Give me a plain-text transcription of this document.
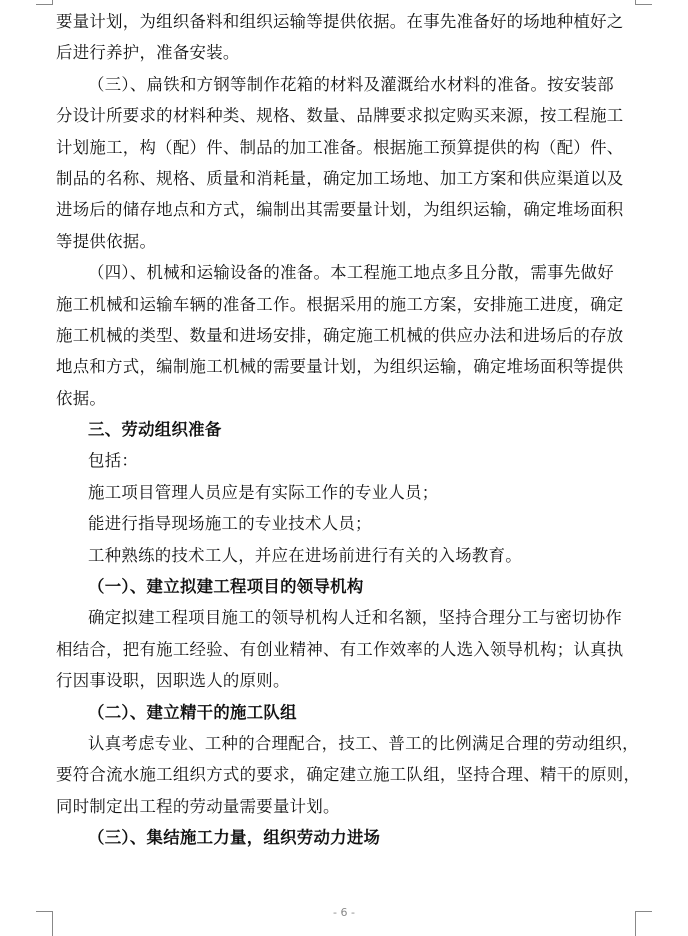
要量计划，为组织备料和组织运输等提供依据。在事先准备好的场地种植好之
后进行养护，准备安装。
（三）、扁铁和方钢等制作花箱的材料及灌溉给水材料的准备。按安装部
分设计所要求的材料种类、规格、数量、品牌要求拟定购买来源，按工程施工
计划施工，构（配）件、制品的加工准备。根据施工预算提供的构（配）件、
制品的名称、规格、质量和消耗量，确定加工场地、加工方案和供应渠道以及
进场后的储存地点和方式，编制出其需要量计划，为组织运输，确定堆场面积
等提供依据。
（四）、机械和运输设备的准备。本工程施工地点多且分散，需事先做好
施工机械和运输车辆的准备工作。根据采用的施工方案，安排施工进度，确定
施工机械的类型、数量和进场安排，确定施工机械的供应办法和进场后的存放
地点和方式，编制施工机械的需要量计划，为组织运输，确定堆场面积等提供
依据。
三、劳动组织准备
包括：
施工项目管理人员应是有实际工作的专业人员；
能进行指导现场施工的专业技术人员；
工种熟练的技术工人，并应在进场前进行有关的入场教育。
（一）、建立拟建工程项目的领导机构
确定拟建工程项目施工的领导机构人迁和名额，坚持合理分工与密切协作
相结合，把有施工经验、有创业精神、有工作效率的人选入领导机构；认真执
行因事设职，因职选人的原则。
（二）、建立精干的施工队组
认真考虑专业、工种的合理配合，技工、普工的比例满足合理的劳动组织，
要符合流水施工组织方式的要求，确定建立施工队组，坚持合理、精干的原则，
同时制定出工程的劳动量需要量计划。
（三）、集结施工力量，组织劳动力进场
- 6 -
